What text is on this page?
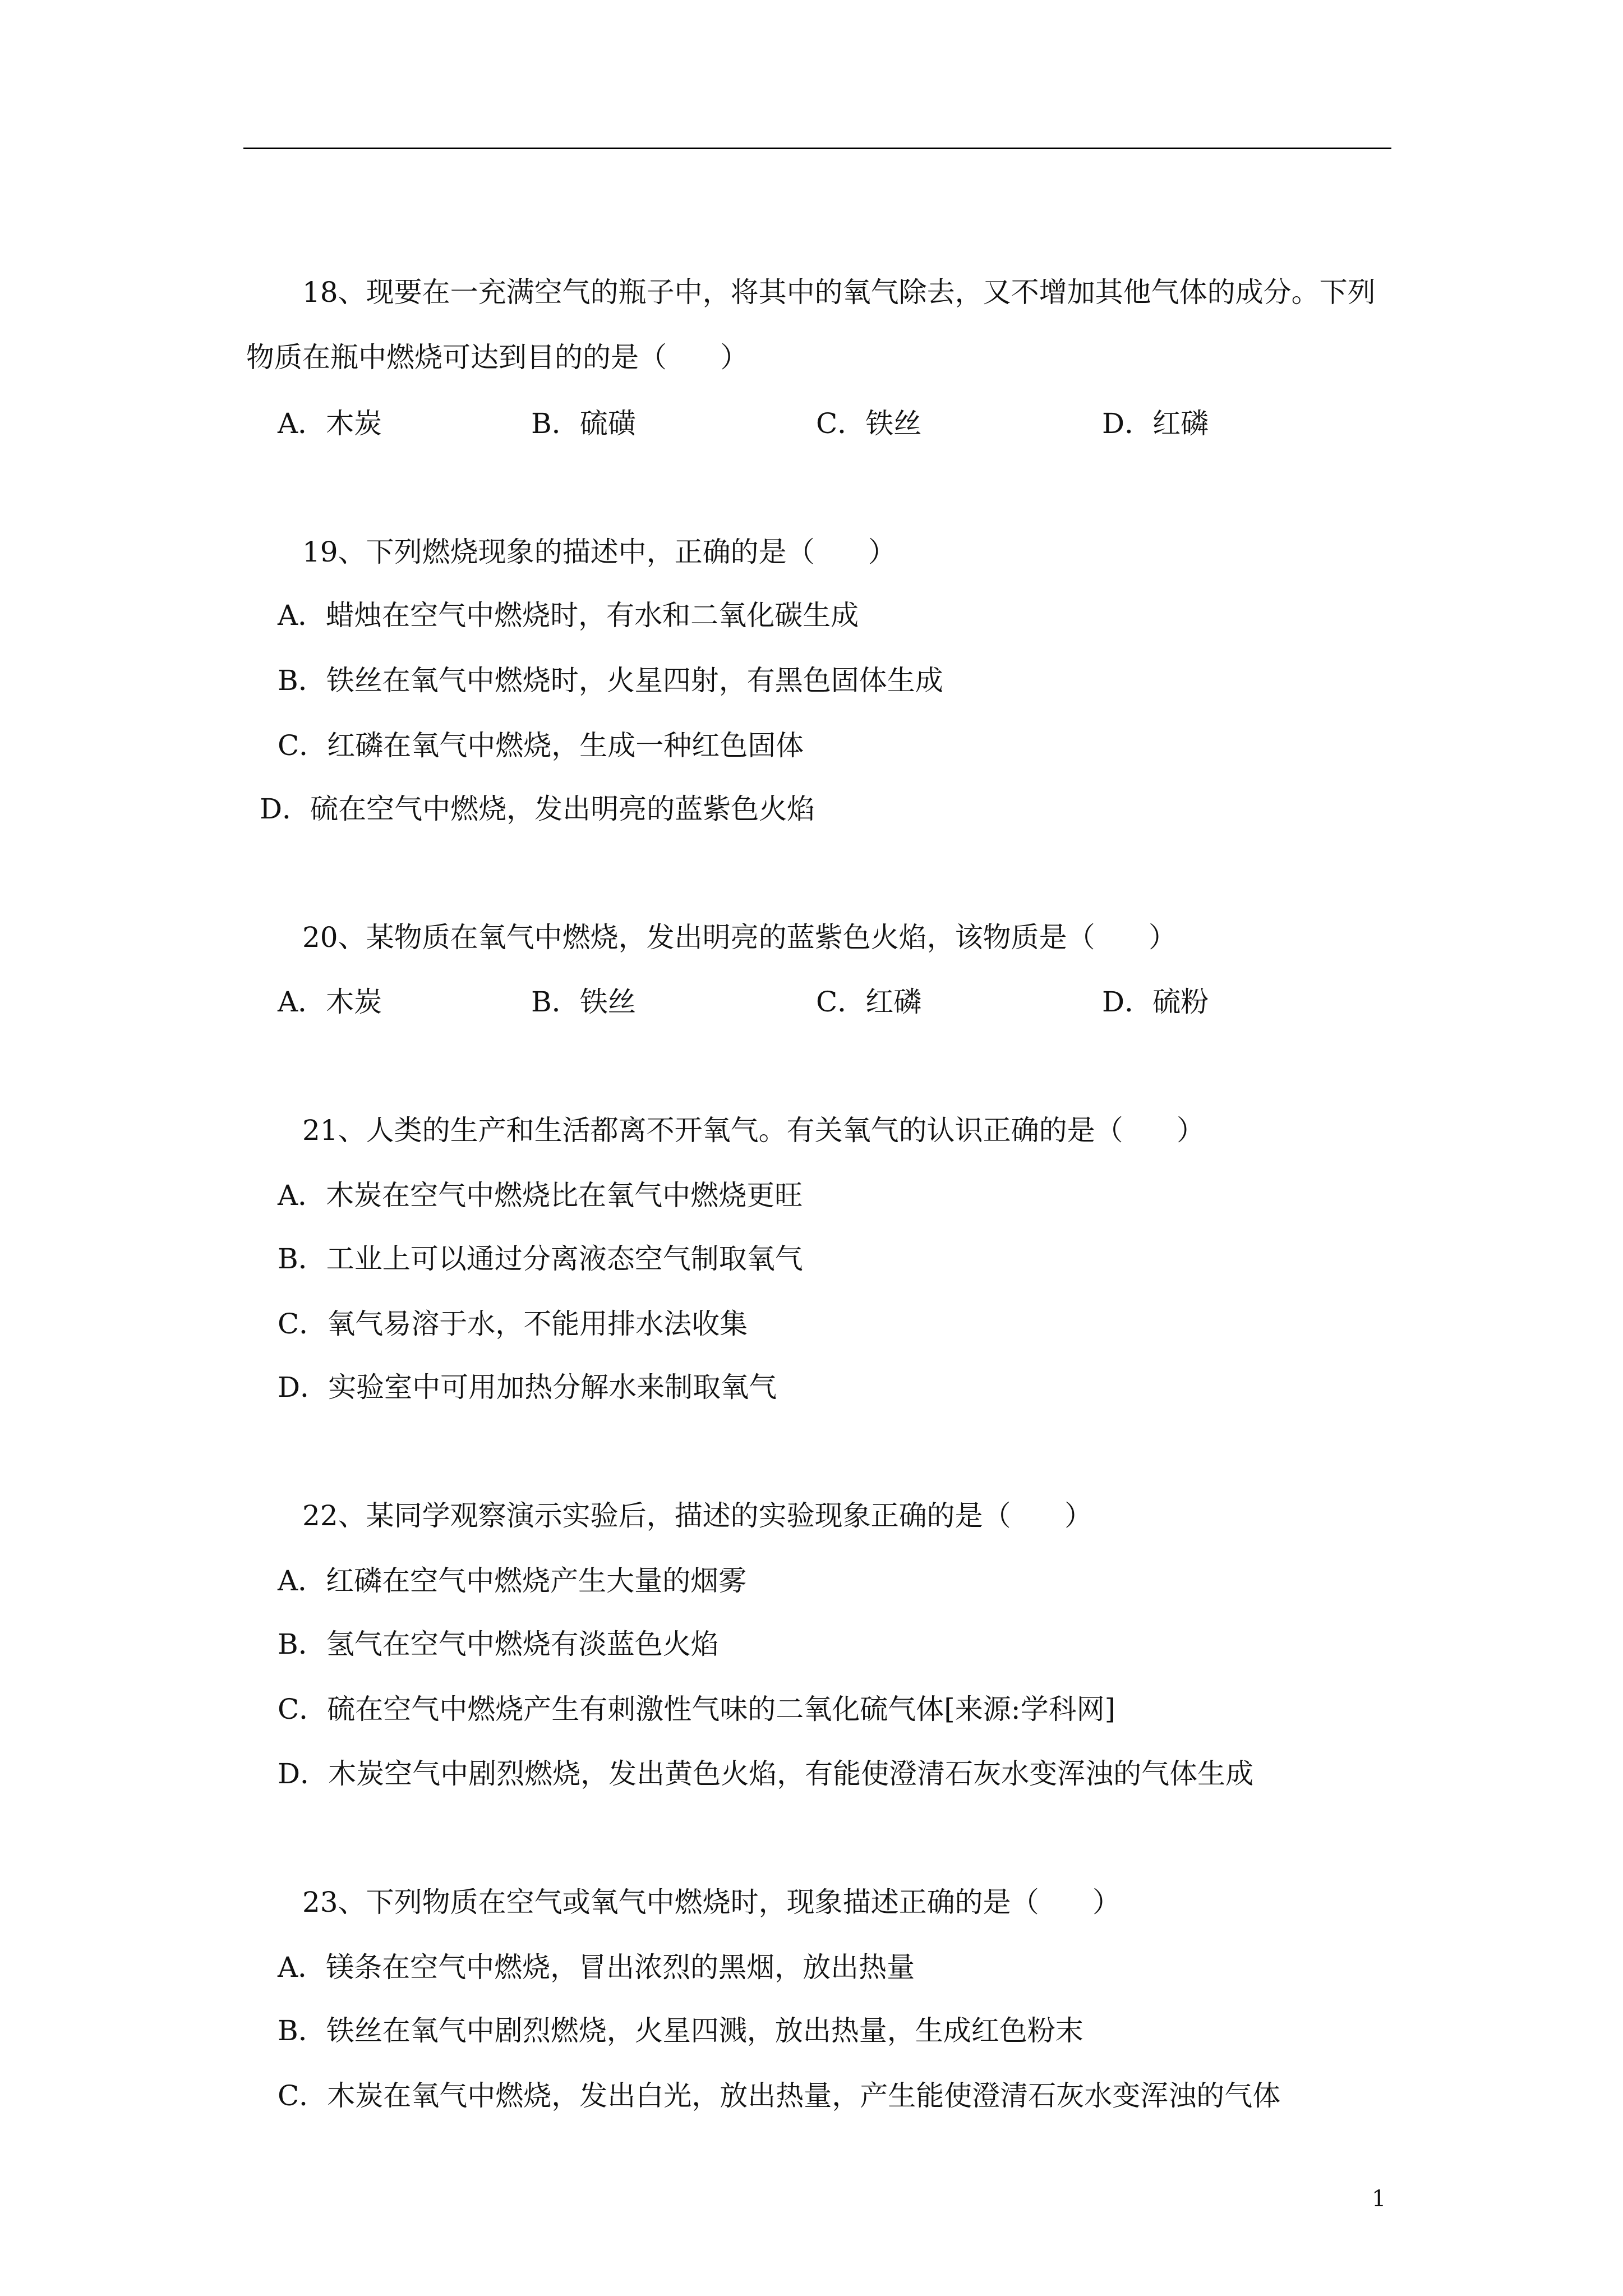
18、现要在一充满空气的瓶子中，将其中的氧气除去，又不增加其他气体的成分。下列
物质在瓶中燃烧可达到目的的是（      ）
A．木炭	B．硫磺	C．铁丝	D．红磷
19、下列燃烧现象的描述中，正确的是（      ）
A．蜡烛在空气中燃烧时，有水和二氧化碳生成
B．铁丝在氧气中燃烧时，火星四射，有黑色固体生成
C．红磷在氧气中燃烧，生成一种红色固体
D．硫在空气中燃烧，发出明亮的蓝紫色火焰
20、某物质在氧气中燃烧，发出明亮的蓝紫色火焰，该物质是（      ）
A．木炭	B．铁丝	C．红磷	D．硫粉
21、人类的生产和生活都离不开氧气。有关氧气的认识正确的是（      ）
A．木炭在空气中燃烧比在氧气中燃烧更旺
B．工业上可以通过分离液态空气制取氧气
C．氧气易溶于水，不能用排水法收集
D．实验室中可用加热分解水来制取氧气
22、某同学观察演示实验后，描述的实验现象正确的是（      ）
A．红磷在空气中燃烧产生大量的烟雾
B．氢气在空气中燃烧有淡蓝色火焰
C．硫在空气中燃烧产生有刺激性气味的二氧化硫气体[来源:学科网]
D．木炭空气中剧烈燃烧，发出黄色火焰，有能使澄清石灰水变浑浊的气体生成
23、下列物质在空气或氧气中燃烧时，现象描述正确的是（      ）
A．镁条在空气中燃烧，冒出浓烈的黑烟，放出热量
B．铁丝在氧气中剧烈燃烧，火星四溅，放出热量，生成红色粉末
C．木炭在氧气中燃烧，发出白光，放出热量，产生能使澄清石灰水变浑浊的气体
1
